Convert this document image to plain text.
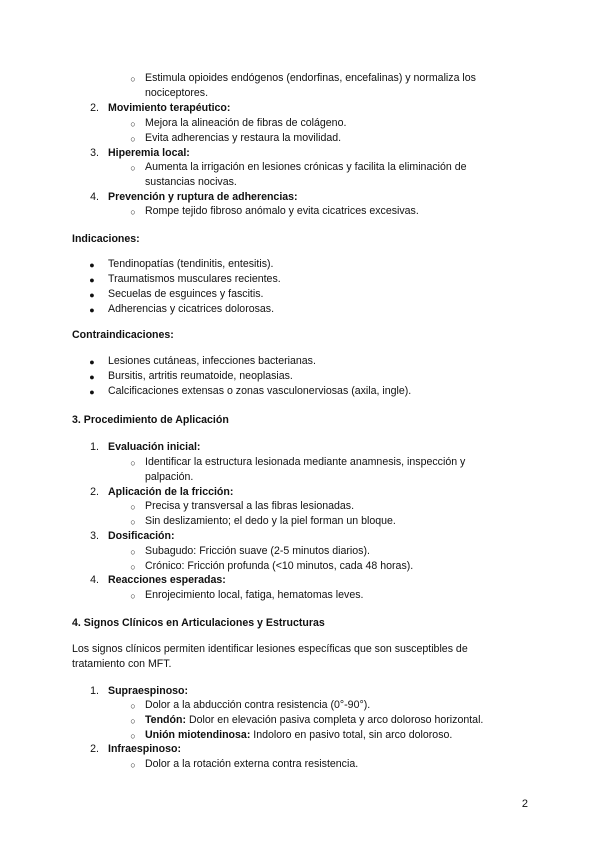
○ Estimula opioides endógenos (endorfinas, encefalinas) y normaliza los
nociceptores.
2. Movimiento terapéutico:
○ Mejora la alineación de fibras de colágeno.
○ Evita adherencias y restaura la movilidad.
3. Hiperemia local:
○ Aumenta la irrigación en lesiones crónicas y facilita la eliminación de
sustancias nocivas.
4. Prevención y ruptura de adherencias:
○ Rompe tejido fibroso anómalo y evita cicatrices excesivas.
Indicaciones:
● Tendinopatías (tendinitis, entesitis).
● Traumatismos musculares recientes.
● Secuelas de esguinces y fascitis.
● Adherencias y cicatrices dolorosas.
Contraindicaciones:
● Lesiones cutáneas, infecciones bacterianas.
● Bursitis, artritis reumatoide, neoplasias.
● Calcificaciones extensas o zonas vasculonerviosas (axila, ingle).
3. Procedimiento de Aplicación
1. Evaluación inicial:
○ Identificar la estructura lesionada mediante anamnesis, inspección y
palpación.
2. Aplicación de la fricción:
○ Precisa y transversal a las fibras lesionadas.
○ Sin deslizamiento; el dedo y la piel forman un bloque.
3. Dosificación:
○ Subagudo: Fricción suave (2-5 minutos diarios).
○ Crónico: Fricción profunda (<10 minutos, cada 48 horas).
4. Reacciones esperadas:
○ Enrojecimiento local, fatiga, hematomas leves.
4. Signos Clínicos en Articulaciones y Estructuras
Los signos clínicos permiten identificar lesiones específicas que son susceptibles de
tratamiento con MFT.
1. Supraespinoso:
○ Dolor a la abducción contra resistencia (0°-90°).
○ Tendón: Dolor en elevación pasiva completa y arco doloroso horizontal.
○ Unión miotendinosa: Indoloro en pasivo total, sin arco doloroso.
2. Infraespinoso:
○ Dolor a la rotación externa contra resistencia.
2
